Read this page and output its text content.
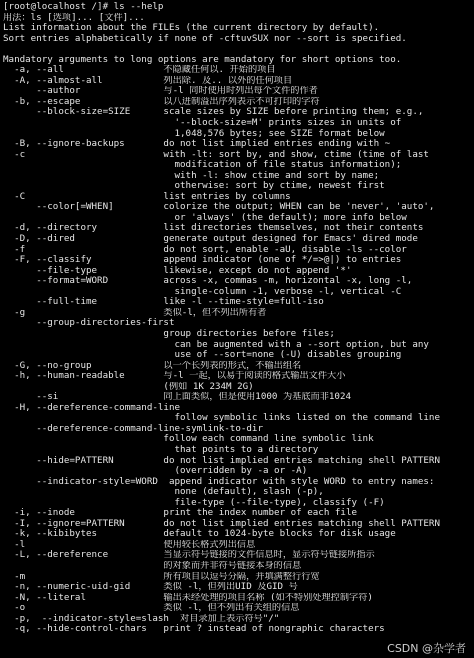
[root@localhost /]# ls --help
用法：ls [选项]... [文件]...
List information about the FILEs (the current directory by default).
Sort entries alphabetically if none of -cftuvSUX nor --sort is specified.
Mandatory arguments to long options are mandatory for short options too.
-a, --all                  不隐藏任何以. 开始的项目
-A, --almost-all           列出除. 及.. 以外的任何项目
--author               与-l 同时使用时列出每个文件的作者
-b, --escape               以八进制溢出序列表示不可打印的字符
--block-size=SIZE      scale sizes by SIZE before printing them; e.g.,
'--block-size=M' prints sizes in units of
1,048,576 bytes; see SIZE format below
-B, --ignore-backups       do not list implied entries ending with ~
-c                         with -lt: sort by, and show, ctime (time of last
modification of file status information);
with -l: show ctime and sort by name;
otherwise: sort by ctime, newest first
-C                         list entries by columns
--color[=WHEN]         colorize the output; WHEN can be 'never', 'auto',
or 'always' (the default); more info below
-d, --directory            list directories themselves, not their contents
-D, --dired                generate output designed for Emacs' dired mode
-f                         do not sort, enable -aU, disable -ls --color
-F, --classify             append indicator (one of */=>@|) to entries
--file-type            likewise, except do not append '*'
--format=WORD          across -x, commas -m, horizontal -x, long -l,
single-column -1, verbose -l, vertical -C
--full-time            like -l --time-style=full-iso
-g                         类似-l，但不列出所有者
--group-directories-first
group directories before files;
can be augmented with a --sort option, but any
use of --sort=none (-U) disables grouping
-G, --no-group             以一个长列表的形式，不输出组名
-h, --human-readable       与-l 一起，以易于阅读的格式输出文件大小
(例如 1K 234M 2G)
--si                   同上面类似，但是使用1000 为基底而非1024
-H, --dereference-command-line
follow symbolic links listed on the command line
--dereference-command-line-symlink-to-dir
follow each command line symbolic link
that points to a directory
--hide=PATTERN         do not list implied entries matching shell PATTERN
(overridden by -a or -A)
--indicator-style=WORD  append indicator with style WORD to entry names:
none (default), slash (-p),
file-type (--file-type), classify (-F)
-i, --inode                print the index number of each file
-I, --ignore=PATTERN       do not list implied entries matching shell PATTERN
-k, --kibibytes            default to 1024-byte blocks for disk usage
-l                         使用较长格式列出信息
-L, --dereference          当显示符号链接的文件信息时，显示符号链接所指示
的对象而并非符号链接本身的信息
-m                         所有项目以逗号分隔，并填满整行行宽
-n, --numeric-uid-gid      类似 -l，但列出UID 及GID 号
-N, --literal              输出未经处理的项目名称 (如不特别处理控制字符)
-o                         类似 -l，但不列出有关组的信息
-p,  --indicator-style=slash  对目录加上表示符号"/"
-q, --hide-control-chars   print ? instead of nongraphic characters
CSDN @杂学者
